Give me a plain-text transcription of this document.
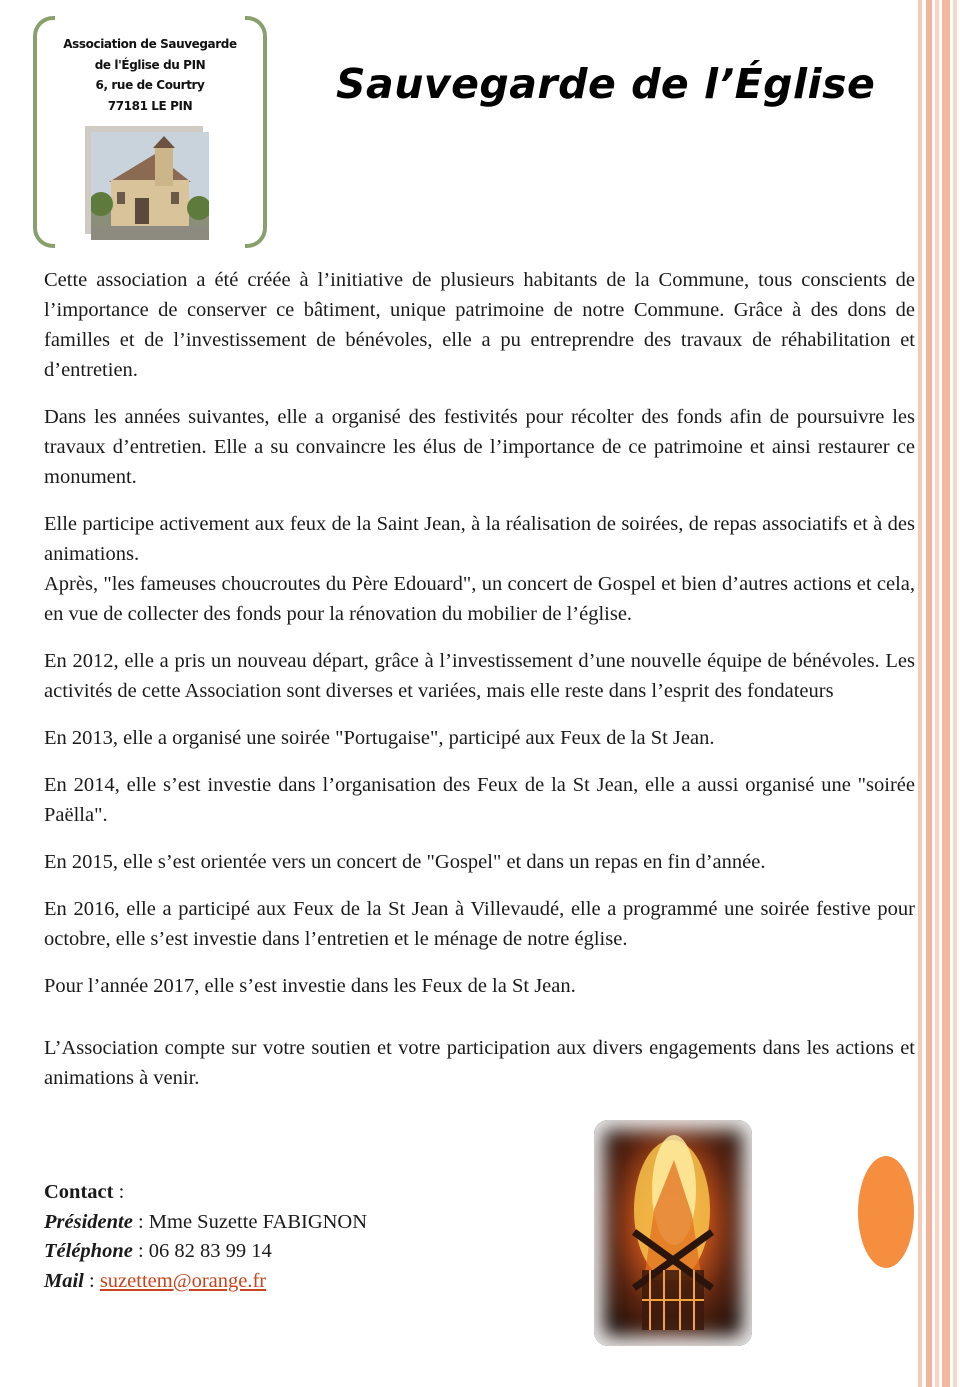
Association de Sauvegarde
de l'Église du PIN
6, rue de Courtry
77181 LE PIN	Sauvegarde de l’Église

Cette association a été créée à l’initiative de plusieurs habitants de la Commune, tous conscients de l’importance de conserver ce bâtiment, unique patrimoine de notre Commune. Grâce à des dons de familles et de l’investissement de bénévoles, elle a pu entreprendre des travaux de réhabilitation et d’entretien.

Dans les années suivantes, elle a organisé des festivités pour récolter des fonds afin de poursuivre les travaux d’entretien. Elle a su convaincre les élus de l’importance de ce patrimoine et ainsi restaurer ce monument.

Elle participe activement aux feux de la Saint Jean, à la réalisation de soirées, de repas associatifs et à des animations.

Après, "les fameuses choucroutes du Père Edouard", un concert de Gospel et bien d’autres actions et cela, en vue de collecter des fonds pour la rénovation du mobilier de l’église.

En 2012, elle a pris un nouveau départ, grâce à l’investissement d’une nouvelle équipe de bénévoles. Les activités de cette Association sont diverses et variées, mais elle reste dans l’esprit des fondateurs

En 2013, elle a organisé une soirée "Portugaise", participé aux Feux de la St Jean.

En 2014, elle s’est investie dans l’organisation des Feux de la St Jean, elle a aussi organisé une "soirée Paëlla".

En 2015, elle s’est orientée vers un concert de "Gospel" et dans un repas en fin d’année.

En 2016, elle a participé aux Feux de la St Jean à Villevaudé, elle a programmé une soirée festive pour octobre, elle s’est investie dans l’entretien et le ménage de notre église.

Pour l’année 2017, elle s’est investie dans les Feux de la St Jean.

L’Association compte sur votre soutien et votre participation aux divers engagements dans les actions et animations à venir.

Contact :
Présidente : Mme Suzette FABIGNON
Téléphone : 06 82 83 99 14
Mail : suzettem@orange.fr
